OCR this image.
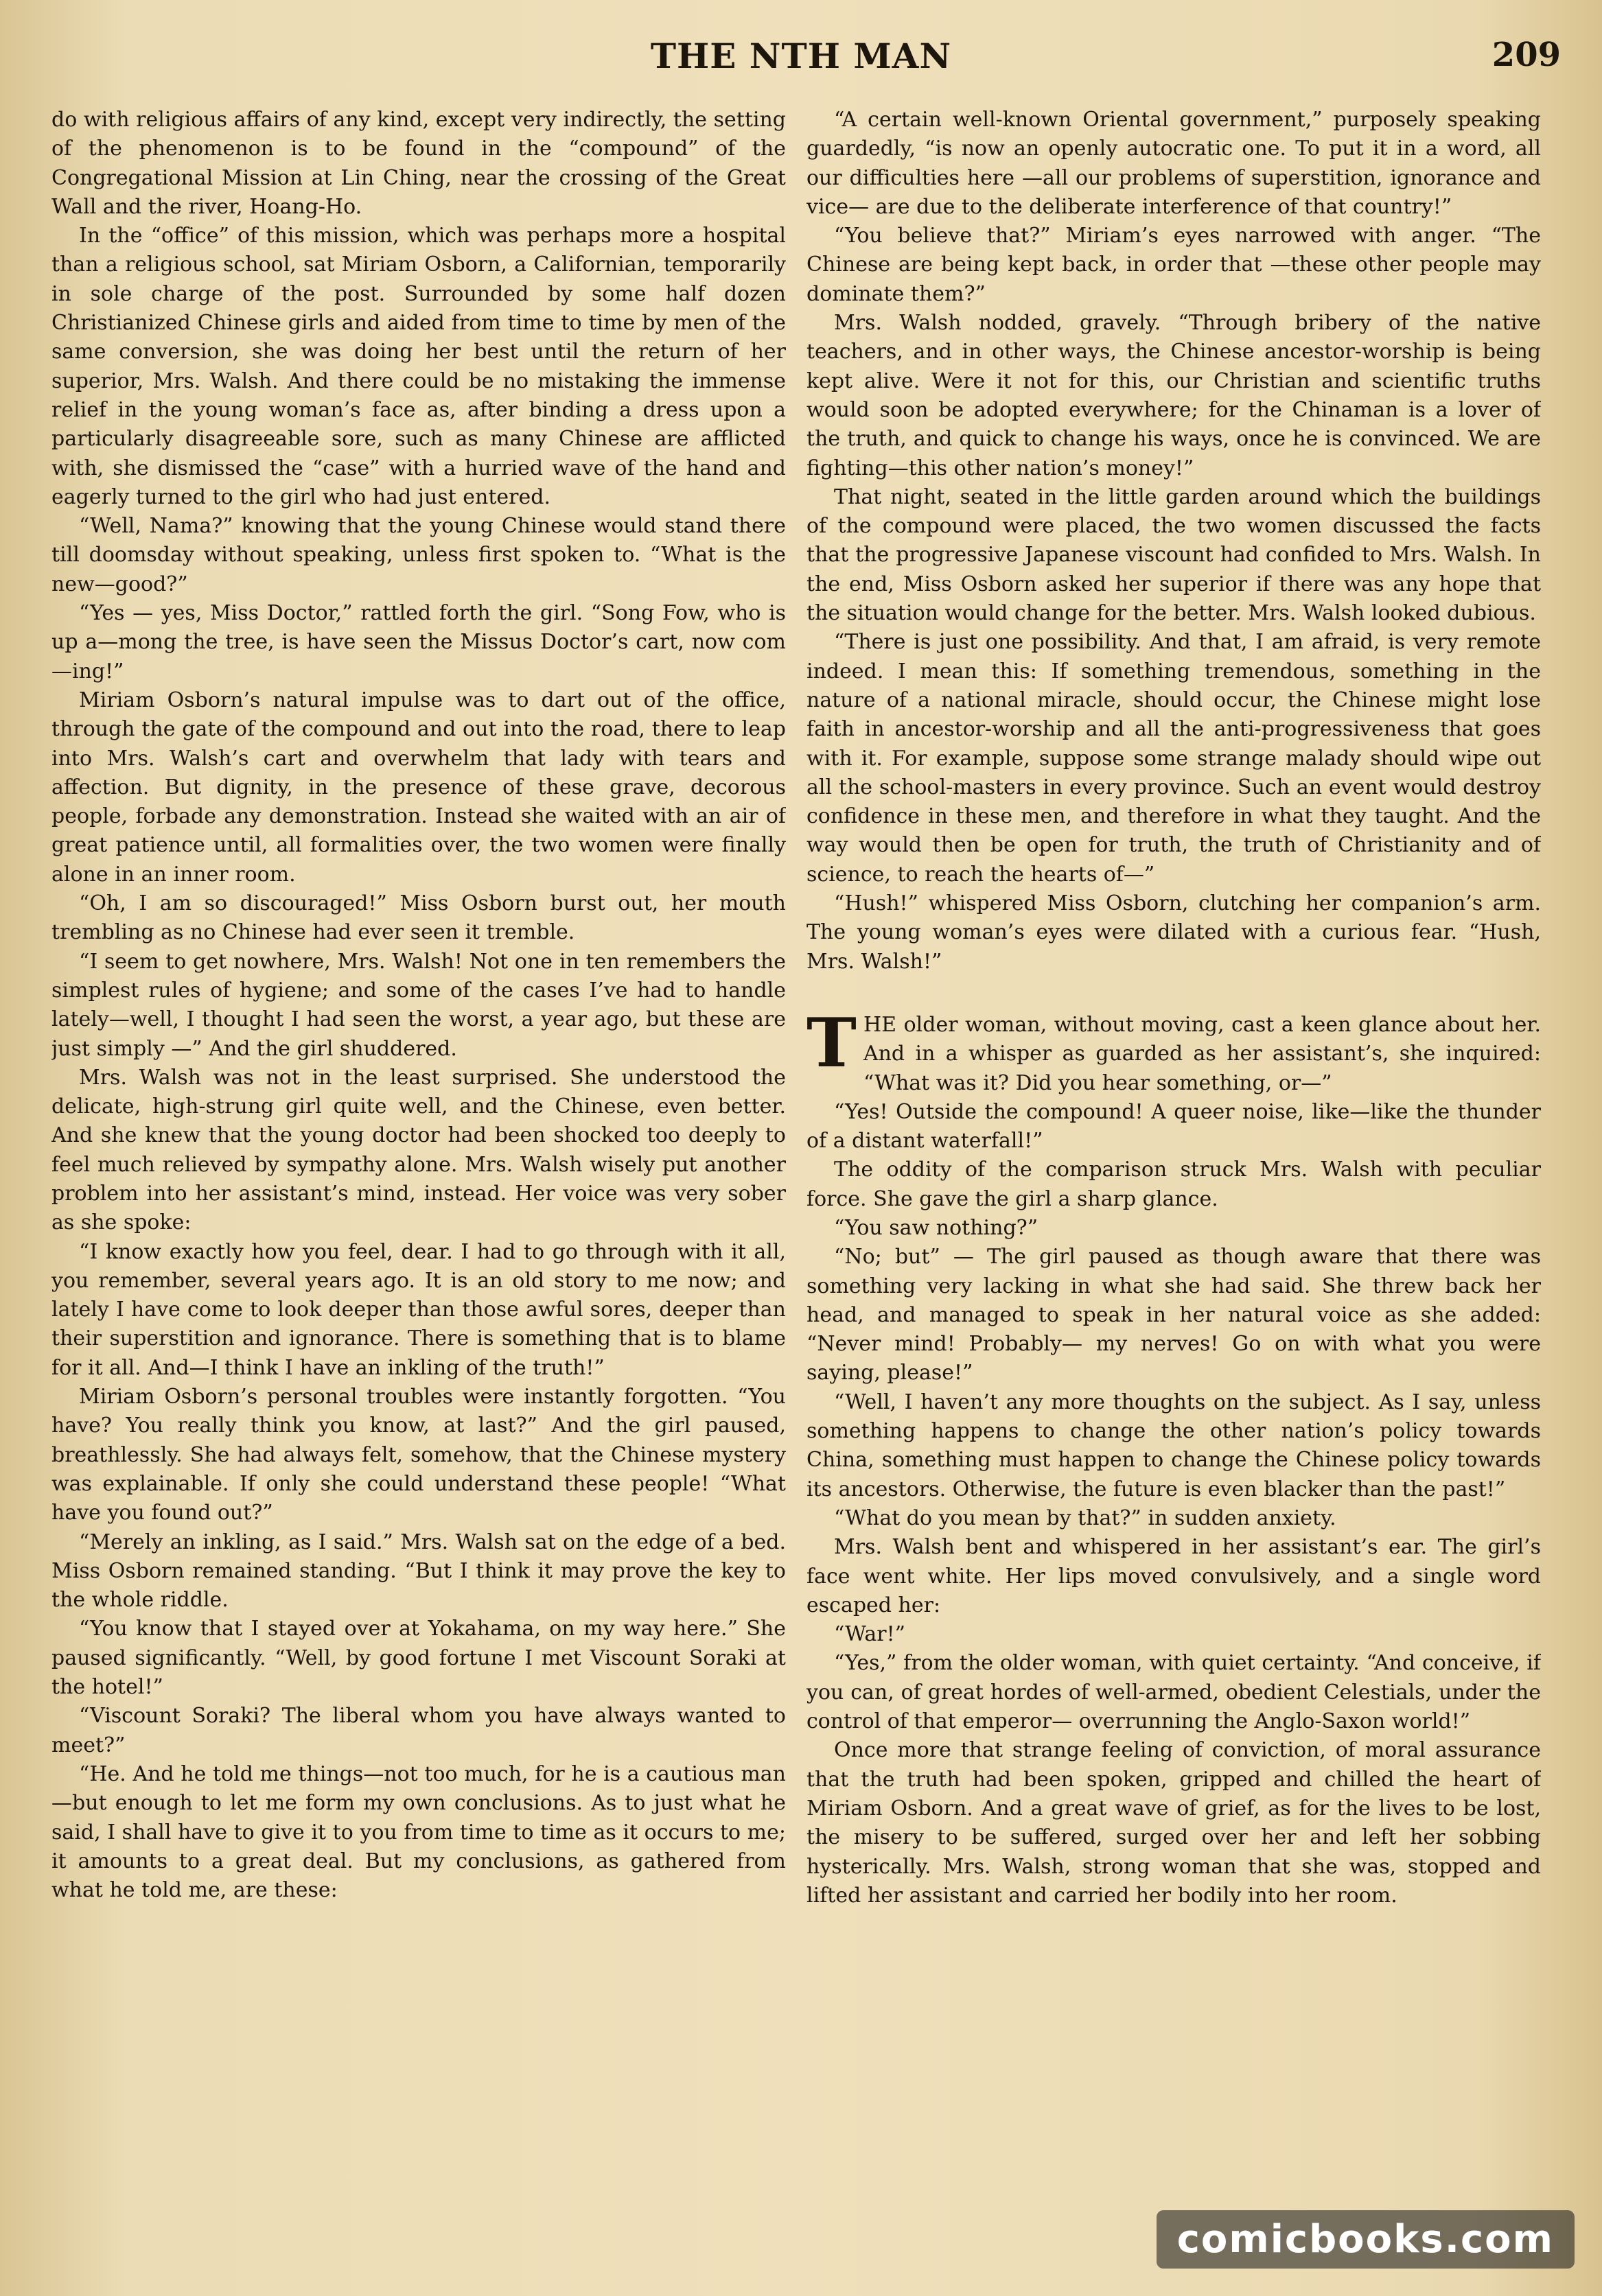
THE NTH MAN	209

do with religious affairs of any kind, except very indirectly, the setting of the phenomenon is to be found in the “compound” of the Congregational Mission at Lin Ching, near the crossing of the Great Wall and the river, Hoang-Ho.

In the “office” of this mission, which was perhaps more a hospital than a religious school, sat Miriam Osborn, a Californian, temporarily in sole charge of the post. Surrounded by some half dozen Christianized Chinese girls and aided from time to time by men of the same conversion, she was doing her best until the return of her superior, Mrs. Walsh. And there could be no mistaking the immense relief in the young woman’s face as, after binding a dress upon a particularly disagreeable sore, such as many Chinese are afflicted with, she dismissed the “case” with a hurried wave of the hand and eagerly turned to the girl who had just entered.

“Well, Nama?” knowing that the young Chinese would stand there till doomsday without speaking, unless first spoken to. “What is the new—good?”

“Yes — yes, Miss Doctor,” rattled forth the girl. “Song Fow, who is up a—mong the tree, is have seen the Missus Doctor’s cart, now com—ing!”

Miriam Osborn’s natural impulse was to dart out of the office, through the gate of the compound and out into the road, there to leap into Mrs. Walsh’s cart and overwhelm that lady with tears and affection. But dignity, in the presence of these grave, decorous people, forbade any demonstration. Instead she waited with an air of great patience until, all formalities over, the two women were finally alone in an inner room.

“Oh, I am so discouraged!” Miss Osborn burst out, her mouth trembling as no Chinese had ever seen it tremble.

“I seem to get nowhere, Mrs. Walsh! Not one in ten remembers the simplest rules of hygiene; and some of the cases I’ve had to handle lately—well, I thought I had seen the worst, a year ago, but these are just simply —” And the girl shuddered.

Mrs. Walsh was not in the least surprised. She understood the delicate, high-strung girl quite well, and the Chinese, even better. And she knew that the young doctor had been shocked too deeply to feel much relieved by sympathy alone. Mrs. Walsh wisely put another problem into her assistant’s mind, instead. Her voice was very sober as she spoke:

“I know exactly how you feel, dear. I had to go through with it all, you remember, several years ago. It is an old story to me now; and lately I have come to look deeper than those awful sores, deeper than their superstition and ignorance. There is something that is to blame for it all. And—I think I have an inkling of the truth!”

Miriam Osborn’s personal troubles were instantly forgotten. “You have? You really think you know, at last?” And the girl paused, breathlessly. She had always felt, somehow, that the Chinese mystery was explainable. If only she could understand these people! “What have you found out?”

“Merely an inkling, as I said.” Mrs. Walsh sat on the edge of a bed. Miss Osborn remained standing. “But I think it may prove the key to the whole riddle.

“You know that I stayed over at Yokahama, on my way here.” She paused significantly. “Well, by good fortune I met Viscount Soraki at the hotel!”

“Viscount Soraki? The liberal whom you have always wanted to meet?”

“He. And he told me things—not too much, for he is a cautious man—but enough to let me form my own conclusions. As to just what he said, I shall have to give it to you from time to time as it occurs to me; it amounts to a great deal. But my conclusions, as gathered from what he told me, are these:

“A certain well-known Oriental government,” purposely speaking guardedly, “is now an openly autocratic one. To put it in a word, all our difficulties here —all our problems of superstition, ignorance and vice— are due to the deliberate interference of that country!”

“You believe that?” Miriam’s eyes narrowed with anger. “The Chinese are being kept back, in order that —these other people may dominate them?”

Mrs. Walsh nodded, gravely. “Through bribery of the native teachers, and in other ways, the Chinese ancestor-worship is being kept alive. Were it not for this, our Christian and scientific truths would soon be adopted everywhere; for the Chinaman is a lover of the truth, and quick to change his ways, once he is convinced. We are fighting—this other nation’s money!”

That night, seated in the little garden around which the buildings of the compound were placed, the two women discussed the facts that the progressive Japanese viscount had confided to Mrs. Walsh. In the end, Miss Osborn asked her superior if there was any hope that the situation would change for the better. Mrs. Walsh looked dubious.

“There is just one possibility. And that, I am afraid, is very remote indeed. I mean this: If something tremendous, something in the nature of a national miracle, should occur, the Chinese might lose faith in ancestor-worship and all the anti-progressiveness that goes with it. For example, suppose some strange malady should wipe out all the school-masters in every province. Such an event would destroy confidence in these men, and therefore in what they taught. And the way would then be open for truth, the truth of Christianity and of science, to reach the hearts of—”

“Hush!” whispered Miss Osborn, clutching her companion’s arm. The young woman’s eyes were dilated with a curious fear. “Hush, Mrs. Walsh!”

THE older woman, without moving, cast a keen glance about her. And in a whisper as guarded as her assistant’s, she inquired: “What was it? Did you hear something, or—”

“Yes! Outside the compound! A queer noise, like—like the thunder of a distant waterfall!”

The oddity of the comparison struck Mrs. Walsh with peculiar force. She gave the girl a sharp glance.

“You saw nothing?”

“No; but” — The girl paused as though aware that there was something very lacking in what she had said. She threw back her head, and managed to speak in her natural voice as she added: “Never mind! Probably— my nerves! Go on with what you were saying, please!”

“Well, I haven’t any more thoughts on the subject. As I say, unless something happens to change the other nation’s policy towards China, something must happen to change the Chinese policy towards its ancestors. Otherwise, the future is even blacker than the past!”

“What do you mean by that?” in sudden anxiety.

Mrs. Walsh bent and whispered in her assistant’s ear. The girl’s face went white. Her lips moved convulsively, and a single word escaped her:

“War!”

“Yes,” from the older woman, with quiet certainty. “And conceive, if you can, of great hordes of well-armed, obedient Celestials, under the control of that emperor— overrunning the Anglo-Saxon world!”

Once more that strange feeling of conviction, of moral assurance that the truth had been spoken, gripped and chilled the heart of Miriam Osborn. And a great wave of grief, as for the lives to be lost, the misery to be suffered, surged over her and left her sobbing hysterically. Mrs. Walsh, strong woman that she was, stopped and lifted her assistant and carried her bodily into her room.

comicbooks.com
